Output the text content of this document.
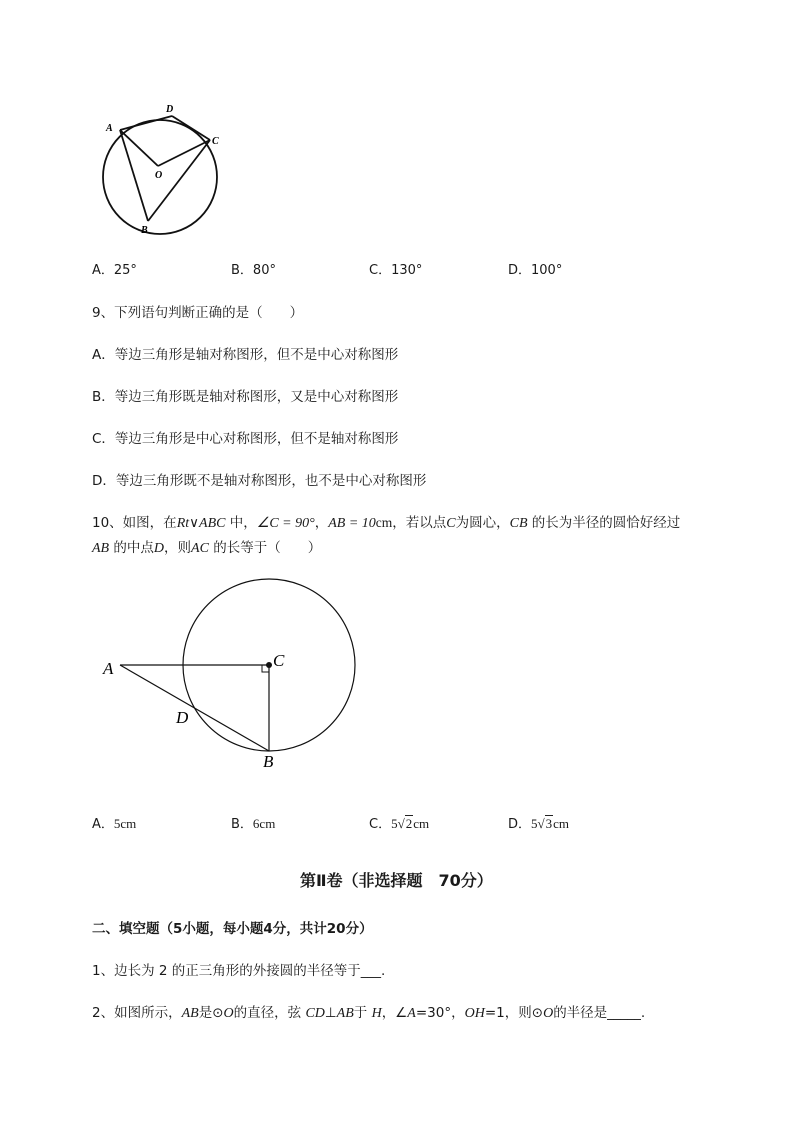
A
D
C
O
B
A．25°	B．80°	C．130°	D．100°
9、下列语句判断正确的是（　　）
A．等边三角形是轴对称图形，但不是中心对称图形
B．等边三角形既是轴对称图形，又是中心对称图形
C．等边三角形是中心对称图形，但不是轴对称图形
D．等边三角形既不是轴对称图形，也不是中心对称图形
10、如图，在Rt∨ABC 中，∠C = 90°，AB = 10cm，若以点C为圆心，CB 的长为半径的圆恰好经过
AB 的中点D，则AC 的长等于（　　）
A	C
D
B
A．5cm	B．6cm	C．5√2cm	D．5√3cm
第Ⅱ卷（非选择题　70分）
二、填空题（5小题，每小题4分，共计20分）
1、边长为 2 的正三角形的外接圆的半径等于___.
2、如图所示，AB是⊙O的直径，弦 CD⊥AB于 H，∠A=30°，OH=1，则⊙O的半径是_____.
